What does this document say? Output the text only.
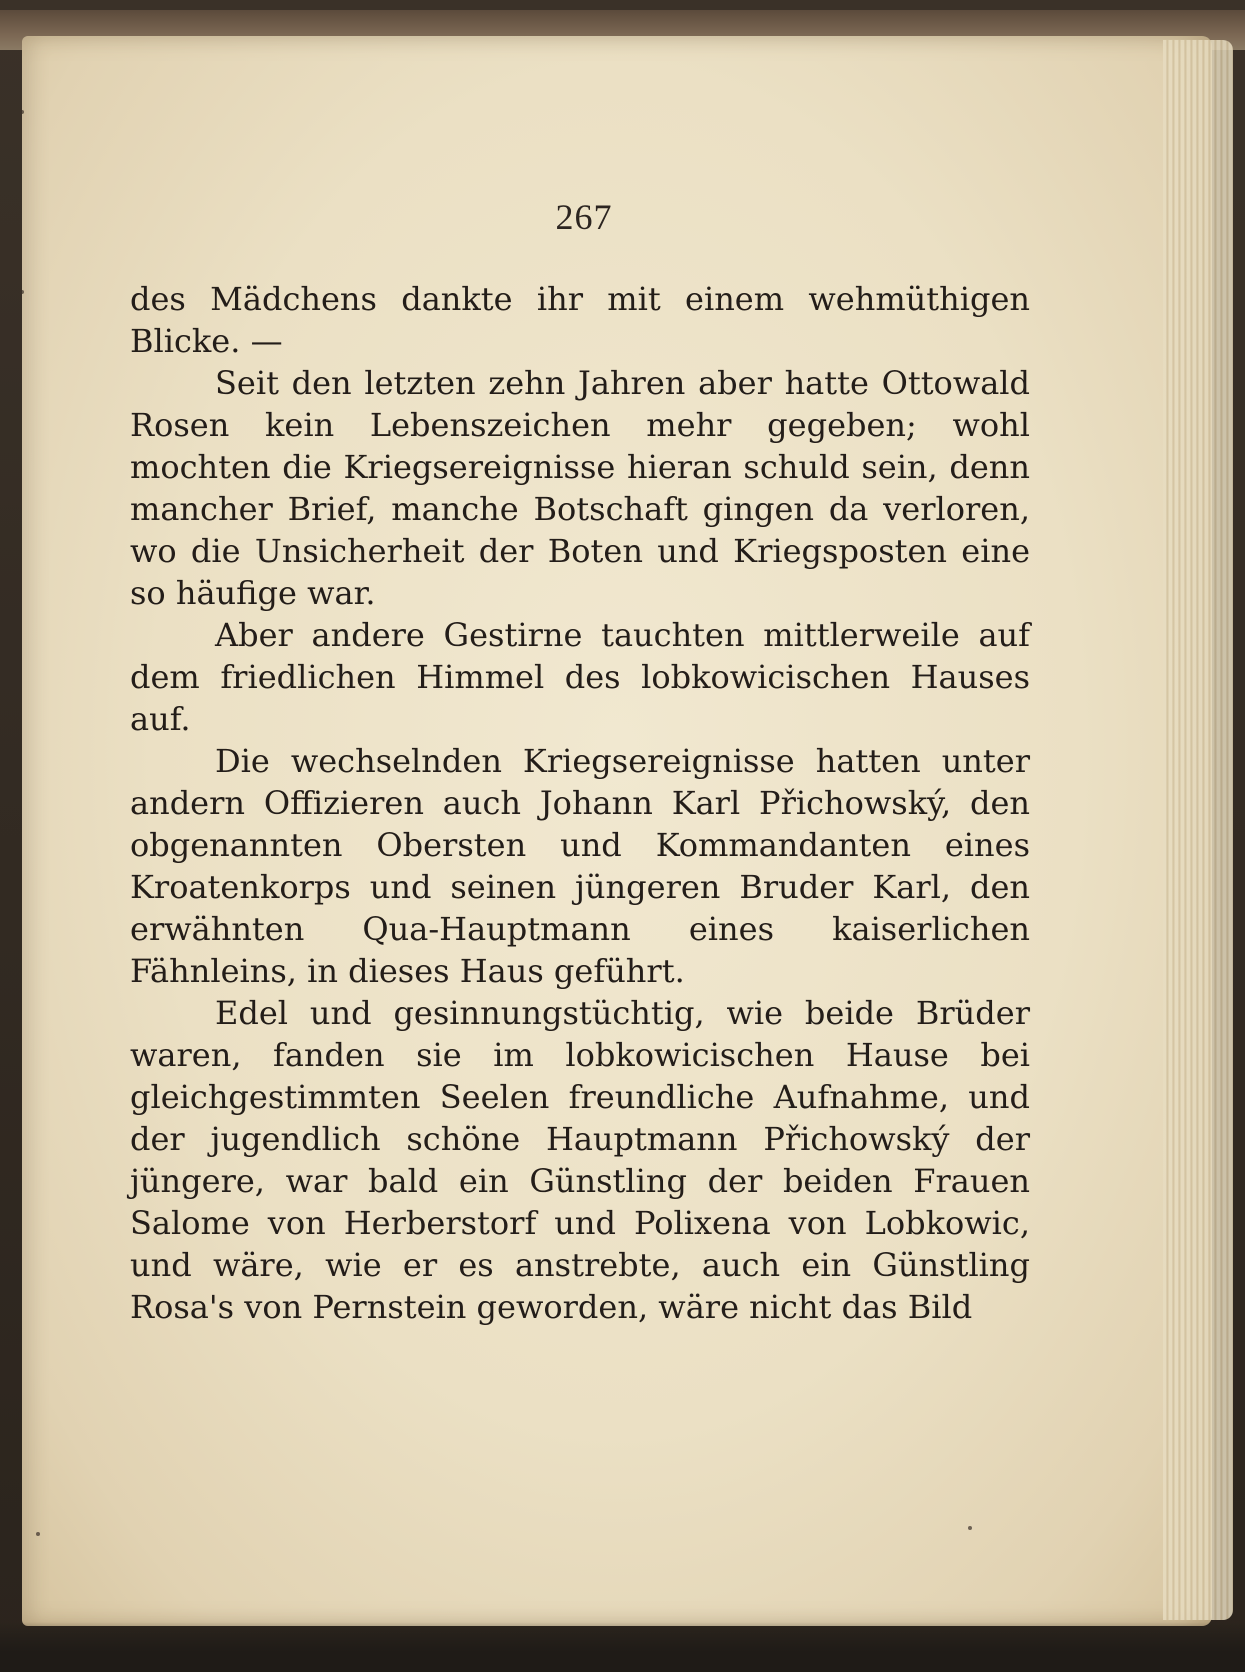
267

des Mädchens dankte ihr mit einem wehmüthigen Blicke. —

Seit den letzten zehn Jahren aber hatte Ottowald Rosen kein Lebenszeichen mehr gegeben; wohl mochten die Kriegsereignisse hieran schuld sein, denn mancher Brief, manche Botschaft gingen da verloren, wo die Unsicherheit der Boten und Kriegsposten eine so häufige war.

Aber andere Gestirne tauchten mittlerweile auf dem friedlichen Himmel des lobkowicischen Hauses auf.

Die wechselnden Kriegsereignisse hatten unter andern Offizieren auch Johann Karl Přichowský, den obgenannten Obersten und Kommandanten eines Kroatenkorps und seinen jüngeren Bruder Karl, den erwähnten Qua-Hauptmann eines kaiserlichen Fähnleins, in dieses Haus geführt.

Edel und gesinnungstüchtig, wie beide Brüder waren, fanden sie im lobkowicischen Hause bei gleichgestimmten Seelen freundliche Aufnahme, und der jugendlich schöne Hauptmann Přichowský der jüngere, war bald ein Günstling der beiden Frauen Salome von Herberstorf und Polixena von Lobkowic, und wäre, wie er es anstrebte, auch ein Günstling Rosa's von Pernstein geworden, wäre nicht das Bild
